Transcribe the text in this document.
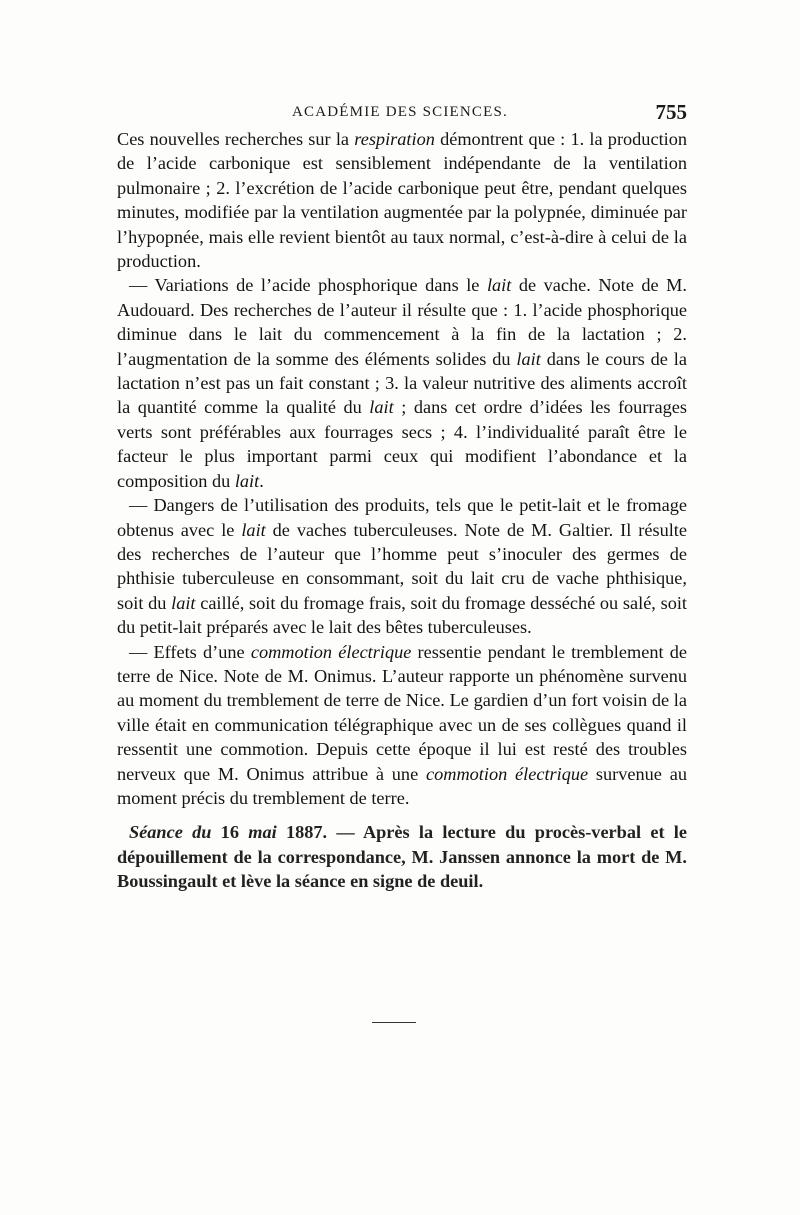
ACADÉMIE DES SCIENCES.	755

Ces nouvelles recherches sur la respiration démontrent que : 1. la production de l’acide carbonique est sensiblement indépendante de la ventilation pulmonaire ; 2. l’excrétion de l’acide carbonique peut être, pendant quelques minutes, modifiée par la ventilation augmentée par la polypnée, diminuée par l’hypopnée, mais elle revient bientôt au taux normal, c’est-à-dire à celui de la production.

— Variations de l’acide phosphorique dans le lait de vache. Note de M. Audouard. Des recherches de l’auteur il résulte que : 1. l’acide phosphorique diminue dans le lait du commencement à la fin de la lactation ; 2. l’augmentation de la somme des éléments solides du lait dans le cours de la lactation n’est pas un fait constant ; 3. la valeur nutritive des aliments accroît la quantité comme la qualité du lait ; dans cet ordre d’idées les fourrages verts sont préférables aux fourrages secs ; 4. l’individualité paraît être le facteur le plus important parmi ceux qui modifient l’abondance et la composition du lait.

— Dangers de l’utilisation des produits, tels que le petit-lait et le fromage obtenus avec le lait de vaches tuberculeuses. Note de M. Galtier. Il résulte des recherches de l’auteur que l’homme peut s’inoculer des germes de phthisie tuberculeuse en consommant, soit du lait cru de vache phthisique, soit du lait caillé, soit du fromage frais, soit du fromage desséché ou salé, soit du petit-lait préparés avec le lait des bêtes tuberculeuses.

— Effets d’une commotion électrique ressentie pendant le tremblement de terre de Nice. Note de M. Onimus. L’auteur rapporte un phénomène survenu au moment du tremblement de terre de Nice. Le gardien d’un fort voisin de la ville était en communication télégraphique avec un de ses collègues quand il ressentit une commotion. Depuis cette époque il lui est resté des troubles nerveux que M. Onimus attribue à une commotion électrique survenue au moment précis du tremblement de terre.

Séance du 16 mai 1887. — Après la lecture du procès-verbal et le dépouillement de la correspondance, M. Janssen annonce la mort de M. Boussingault et lève la séance en signe de deuil.
